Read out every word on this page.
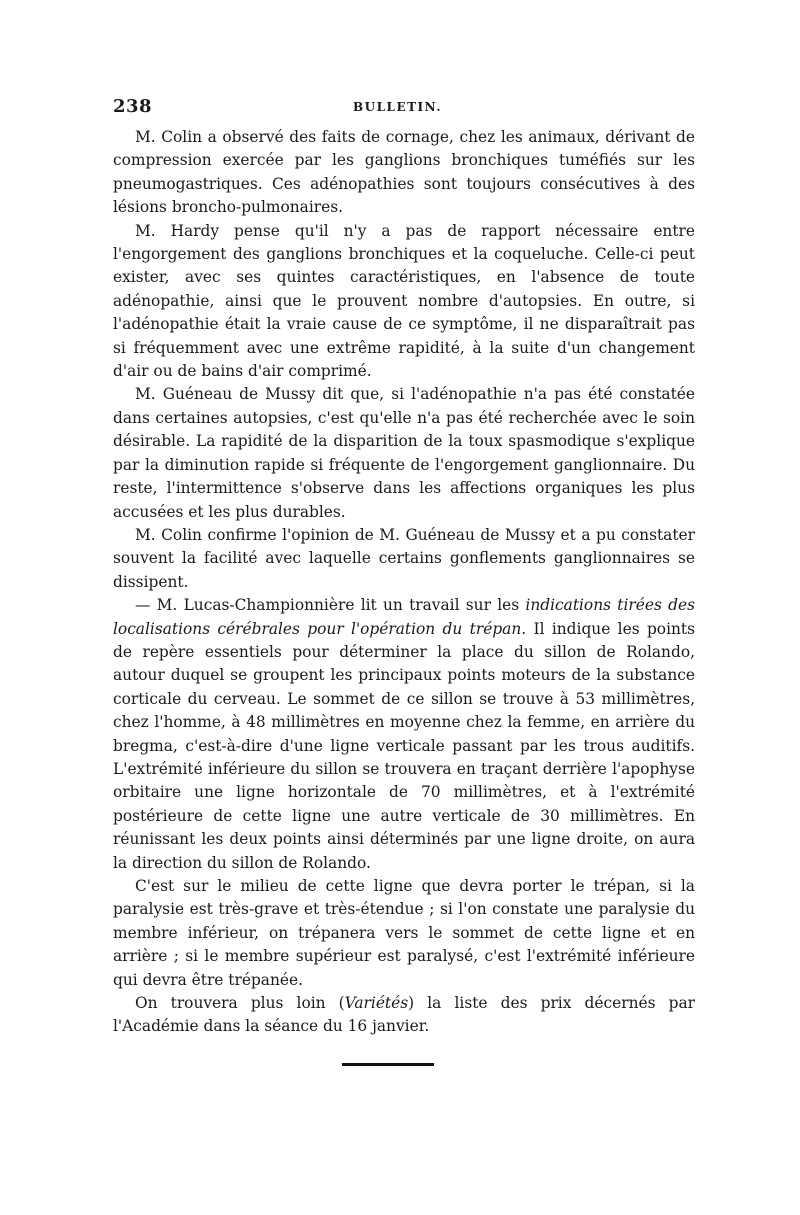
238	BULLETIN.

M. Colin a observé des faits de cornage, chez les animaux, dérivant de compression exercée par les ganglions bronchiques tuméfiés sur les pneumogastriques. Ces adénopathies sont toujours consécutives à des lésions broncho-pulmonaires.

M. Hardy pense qu'il n'y a pas de rapport nécessaire entre l'engorgement des ganglions bronchiques et la coqueluche. Celle-ci peut exister, avec ses quintes caractéristiques, en l'absence de toute adénopathie, ainsi que le prouvent nombre d'autopsies. En outre, si l'adénopathie était la vraie cause de ce symptôme, il ne disparaîtrait pas si fréquemment avec une extrême rapidité, à la suite d'un changement d'air ou de bains d'air comprimé.

M. Guéneau de Mussy dit que, si l'adénopathie n'a pas été constatée dans certaines autopsies, c'est qu'elle n'a pas été recherchée avec le soin désirable. La rapidité de la disparition de la toux spasmodique s'explique par la diminution rapide si fréquente de l'engorgement ganglionnaire. Du reste, l'intermittence s'observe dans les affections organiques les plus accusées et les plus durables.

M. Colin confirme l'opinion de M. Guéneau de Mussy et a pu constater souvent la facilité avec laquelle certains gonflements ganglionnaires se dissipent.

— M. Lucas-Championnière lit un travail sur les indications tirées des localisations cérébrales pour l'opération du trépan. Il indique les points de repère essentiels pour déterminer la place du sillon de Rolando, autour duquel se groupent les principaux points moteurs de la substance corticale du cerveau. Le sommet de ce sillon se trouve à 53 millimètres, chez l'homme, à 48 millimètres en moyenne chez la femme, en arrière du bregma, c'est-à-dire d'une ligne verticale passant par les trous auditifs. L'extrémité inférieure du sillon se trouvera en traçant derrière l'apophyse orbitaire une ligne horizontale de 70 millimètres, et à l'extrémité postérieure de cette ligne une autre verticale de 30 millimètres. En réunissant les deux points ainsi déterminés par une ligne droite, on aura la direction du sillon de Rolando.

C'est sur le milieu de cette ligne que devra porter le trépan, si la paralysie est très-grave et très-étendue ; si l'on constate une paralysie du membre inférieur, on trépanera vers le sommet de cette ligne et en arrière ; si le membre supérieur est paralysé, c'est l'extrémité inférieure qui devra être trépanée.

On trouvera plus loin (Variétés) la liste des prix décernés par l'Académie dans la séance du 16 janvier.
